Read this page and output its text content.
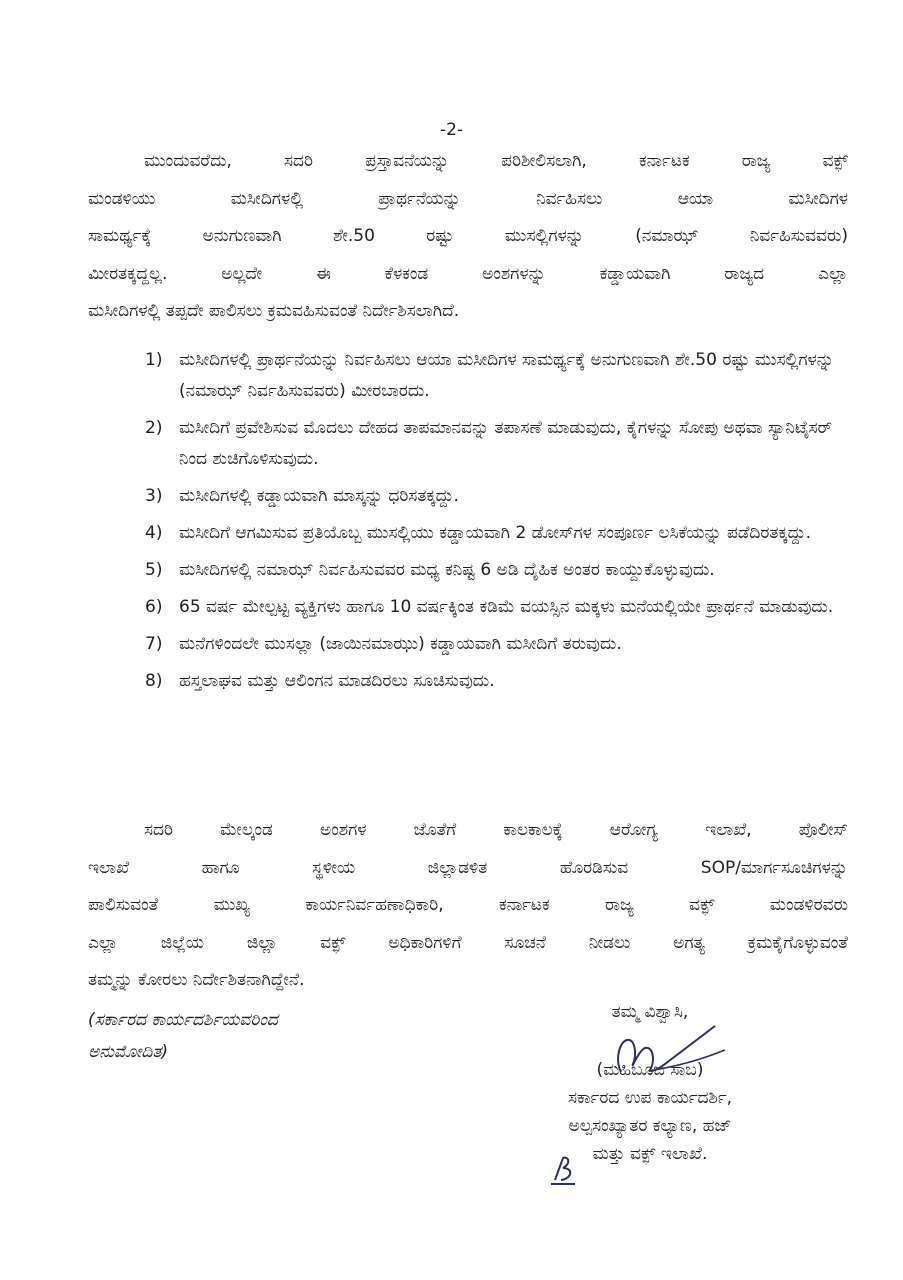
-2-
ಮುಂದುವರೆದು, ಸದರಿ ಪ್ರಸ್ತಾವನೆಯನ್ನು ಪರಿಶೀಲಿಸಲಾಗಿ, ಕರ್ನಾಟಕ ರಾಜ್ಯ ವಕ್ಫ್
ಮಂಡಳಿಯು ಮಸೀದಿಗಳಲ್ಲಿ ಪ್ರಾರ್ಥನೆಯನ್ನು ನಿರ್ವಹಿಸಲು ಆಯಾ ಮಸೀದಿಗಳ
ಸಾಮರ್ಥ್ಯಕ್ಕೆ ಅನುಗುಣವಾಗಿ ಶೇ.50 ರಷ್ಟು ಮುಸಲ್ಲಿಗಳನ್ನು (ನಮಾಝ್ ನಿರ್ವಹಿಸುವವರು)
ಮೀರತಕ್ಕದ್ದಲ್ಲ. ಅಲ್ಲದೇ ಈ ಕೆಳಕಂಡ ಅಂಶಗಳನ್ನು ಕಡ್ಡಾಯವಾಗಿ ರಾಜ್ಯದ ಎಲ್ಲಾ
ಮಸೀದಿಗಳಲ್ಲಿ ತಪ್ಪದೇ ಪಾಲಿಸಲು ಕ್ರಮವಹಿಸುವಂತೆ ನಿರ್ದೇಶಿಸಲಾಗಿದೆ.
1) ಮಸೀದಿಗಳಲ್ಲಿ ಪ್ರಾರ್ಥನೆಯನ್ನು ನಿರ್ವಹಿಸಲು ಆಯಾ ಮಸೀದಿಗಳ ಸಾಮರ್ಥ್ಯಕ್ಕೆ ಅನುಗುಣವಾಗಿ ಶೇ.50 ರಷ್ಟು ಮುಸಲ್ಲಿಗಳನ್ನು (ನಮಾಝ್ ನಿರ್ವಹಿಸುವವರು) ಮೀರಬಾರದು.
2) ಮಸೀದಿಗೆ ಪ್ರವೇಶಿಸುವ ಮೊದಲು ದೇಹದ ತಾಪಮಾನವನ್ನು ತಪಾಸಣೆ ಮಾಡುವುದು, ಕೈಗಳನ್ನು ಸೋಪು ಅಥವಾ ಸ್ಯಾನಿಟೈಸರ್ ನಿಂದ ಶುಚಿಗೊಳಿಸುವುದು.
3) ಮಸೀದಿಗಳಲ್ಲಿ ಕಡ್ಡಾಯವಾಗಿ ಮಾಸ್ಕನ್ನು ಧರಿಸತಕ್ಕದ್ದು.
4) ಮಸೀದಿಗೆ ಆಗಮಿಸುವ ಪ್ರತಿಯೊಬ್ಬ ಮುಸಲ್ಲಿಯು ಕಡ್ಡಾಯವಾಗಿ 2 ಡೋಸ್‌ಗಳ ಸಂಪೂರ್ಣ ಲಸಿಕೆಯನ್ನು ಪಡೆದಿರತಕ್ಕದ್ದು.
5) ಮಸೀದಿಗಳಲ್ಲಿ ನಮಾಝ್ ನಿರ್ವಹಿಸುವವರ ಮಧ್ಯ ಕನಿಷ್ಟ 6 ಅಡಿ ದೈಹಿಕ ಅಂತರ ಕಾಯ್ದುಕೊಳ್ಳುವುದು.
6) 65 ವರ್ಷ ಮೇಲ್ಪಟ್ಟ ವ್ಯಕ್ತಿಗಳು ಹಾಗೂ 10 ವರ್ಷಕ್ಕಿಂತ ಕಡಿಮೆ ವಯಸ್ಸಿನ ಮಕ್ಕಳು ಮನೆಯಲ್ಲಿಯೇ ಪ್ರಾರ್ಥನೆ ಮಾಡುವುದು.
7) ಮನೆಗಳಿಂದಲೇ ಮುಸಲ್ಲಾ (ಜಾಯಿನಮಾಝು) ಕಡ್ಡಾಯವಾಗಿ ಮಸೀದಿಗೆ ತರುವುದು.
8) ಹಸ್ತಲಾಘವ ಮತ್ತು ಆಲಿಂಗನ ಮಾಡದಿರಲು ಸೂಚಿಸುವುದು.
ಸದರಿ ಮೇಲ್ಕಂಡ ಅಂಶಗಳ ಜೊತೆಗೆ ಕಾಲಕಾಲಕ್ಕೆ ಆರೋಗ್ಯ ಇಲಾಖೆ, ಪೊಲೀಸ್
ಇಲಾಖೆ ಹಾಗೂ ಸ್ಥಳೀಯ ಜಿಲ್ಲಾಡಳಿತ ಹೊರಡಿಸುವ SOP/ಮಾರ್ಗಸೂಚಿಗಳನ್ನು
ಪಾಲಿಸುವಂತೆ ಮುಖ್ಯ ಕಾರ್ಯನಿರ್ವಹಣಾಧಿಕಾರಿ, ಕರ್ನಾಟಕ ರಾಜ್ಯ ವಕ್ಫ್ ಮಂಡಳಿರವರು
ಎಲ್ಲಾ ಜಿಲ್ಲೆಯ ಜಿಲ್ಲಾ ವಕ್ಫ್ ಅಧಿಕಾರಿಗಳಿಗೆ ಸೂಚನೆ ನೀಡಲು ಅಗತ್ಯ ಕ್ರಮಕೈಗೊಳ್ಳುವಂತೆ
ತಮ್ಮನ್ನು ಕೋರಲು ನಿರ್ದೇಶಿತನಾಗಿದ್ದೇನೆ.
(ಸರ್ಕಾರದ ಕಾರ್ಯದರ್ಶಿಯವರಿಂದ
ಅನುಮೋದಿತ)
ತಮ್ಮ ವಿಶ್ವಾಸಿ,
(ಮಹಿಬೂಬ ಸಾಬ)
ಸರ್ಕಾರದ ಉಪ ಕಾರ್ಯದರ್ಶಿ,
ಅಲ್ಪಸಂಖ್ಯಾತರ ಕಲ್ಯಾಣ, ಹಜ್
ಮತ್ತು ವಕ್ಫ್ ಇಲಾಖೆ.
